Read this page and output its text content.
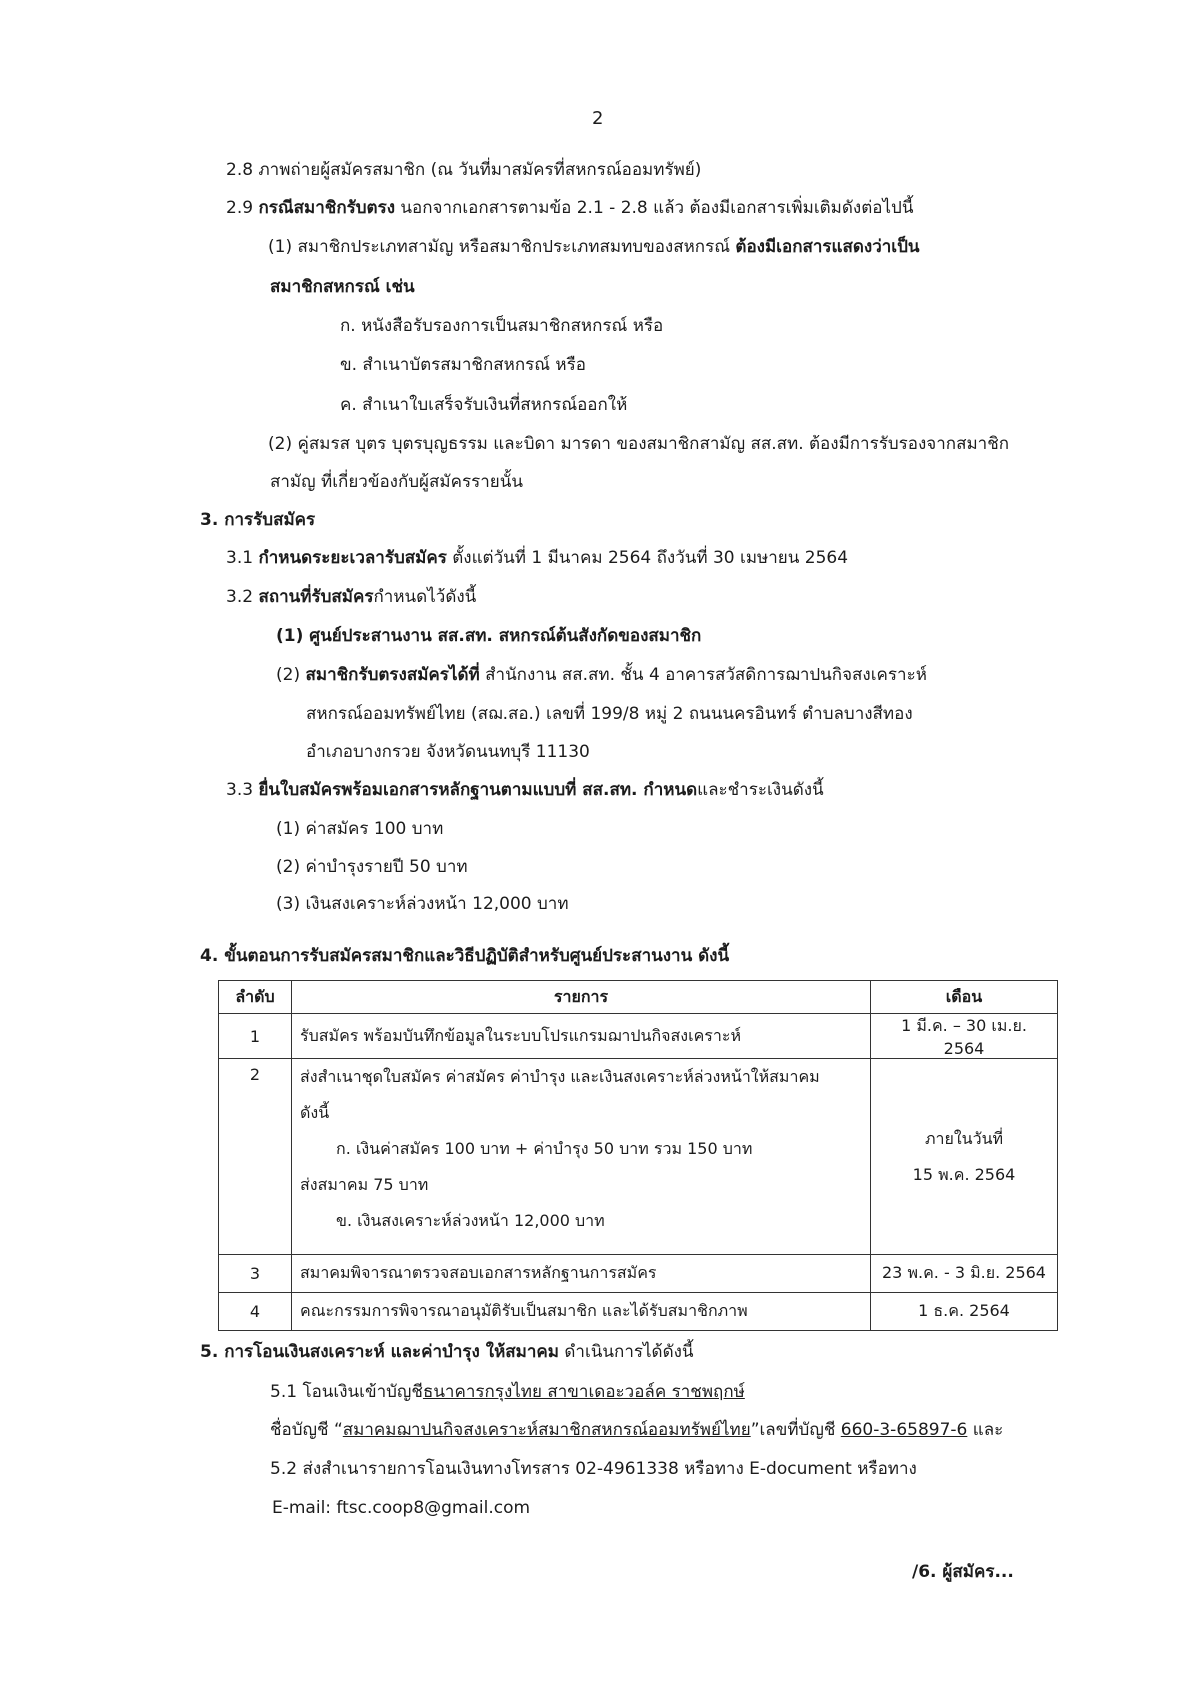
2
2.8 ภาพถ่ายผู้สมัครสมาชิก (ณ วันที่มาสมัครที่สหกรณ์ออมทรัพย์)
2.9 กรณีสมาชิกรับตรง นอกจากเอกสารตามข้อ 2.1 - 2.8 แล้ว ต้องมีเอกสารเพิ่มเติมดังต่อไปนี้
(1) สมาชิกประเภทสามัญ หรือสมาชิกประเภทสมทบของสหกรณ์ ต้องมีเอกสารแสดงว่าเป็น
สมาชิกสหกรณ์ เช่น
ก. หนังสือรับรองการเป็นสมาชิกสหกรณ์ หรือ
ข. สำเนาบัตรสมาชิกสหกรณ์ หรือ
ค. สำเนาใบเสร็จรับเงินที่สหกรณ์ออกให้
(2) คู่สมรส บุตร บุตรบุญธรรม และบิดา มารดา ของสมาชิกสามัญ สส.สท. ต้องมีการรับรองจากสมาชิก
สามัญ ที่เกี่ยวข้องกับผู้สมัครรายนั้น
3. การรับสมัคร
3.1 กำหนดระยะเวลารับสมัคร ตั้งแต่วันที่ 1 มีนาคม 2564 ถึงวันที่ 30 เมษายน 2564
3.2 สถานที่รับสมัครกำหนดไว้ดังนี้
(1) ศูนย์ประสานงาน สส.สท. สหกรณ์ต้นสังกัดของสมาชิก
(2) สมาชิกรับตรงสมัครได้ที่ สำนักงาน สส.สท. ชั้น 4 อาคารสวัสดิการฌาปนกิจสงเคราะห์
สหกรณ์ออมทรัพย์ไทย (สฌ.สอ.) เลขที่ 199/8 หมู่ 2 ถนนนครอินทร์ ตำบลบางสีทอง
อำเภอบางกรวย จังหวัดนนทบุรี 11130
3.3 ยื่นใบสมัครพร้อมเอกสารหลักฐานตามแบบที่ สส.สท. กำหนดและชำระเงินดังนี้
(1) ค่าสมัคร 100 บาท
(2) ค่าบำรุงรายปี 50 บาท
(3) เงินสงเคราะห์ล่วงหน้า 12,000 บาท
4. ขั้นตอนการรับสมัครสมาชิกและวิธีปฏิบัติสำหรับศูนย์ประสานงาน ดังนี้
ลำดับ	รายการ	เดือน
1	รับสมัคร พร้อมบันทึกข้อมูลในระบบโปรแกรมฌาปนกิจสงเคราะห์	1 มี.ค. – 30 เม.ย. 2564
2	ส่งสำเนาชุดใบสมัคร ค่าสมัคร ค่าบำรุง และเงินสงเคราะห์ล่วงหน้าให้สมาคม
ดังนี้
ก. เงินค่าสมัคร 100 บาท + ค่าบำรุง 50 บาท รวม 150 บาท
ส่งสมาคม 75 บาท
ข. เงินสงเคราะห์ล่วงหน้า 12,000 บาท	ภายในวันที่
15 พ.ค. 2564

3	สมาคมพิจารณาตรวจสอบเอกสารหลักฐานการสมัคร	23 พ.ค. - 3 มิ.ย. 2564
4	คณะกรรมการพิจารณาอนุมัติรับเป็นสมาชิก และได้รับสมาชิกภาพ	1 ธ.ค. 2564
5. การโอนเงินสงเคราะห์ และค่าบำรุง ให้สมาคม ดำเนินการได้ดังนี้
5.1 โอนเงินเข้าบัญชีธนาคารกรุงไทย สาขาเดอะวอล์ค ราชพฤกษ์
ชื่อบัญชี “สมาคมฌาปนกิจสงเคราะห์สมาชิกสหกรณ์ออมทรัพย์ไทย”เลขที่บัญชี 660-3-65897-6 และ
5.2 ส่งสำเนารายการโอนเงินทางโทรสาร 02-4961338 หรือทาง E-document หรือทาง
E-mail: ftsc.coop8@gmail.com
/6. ผู้สมัคร...
